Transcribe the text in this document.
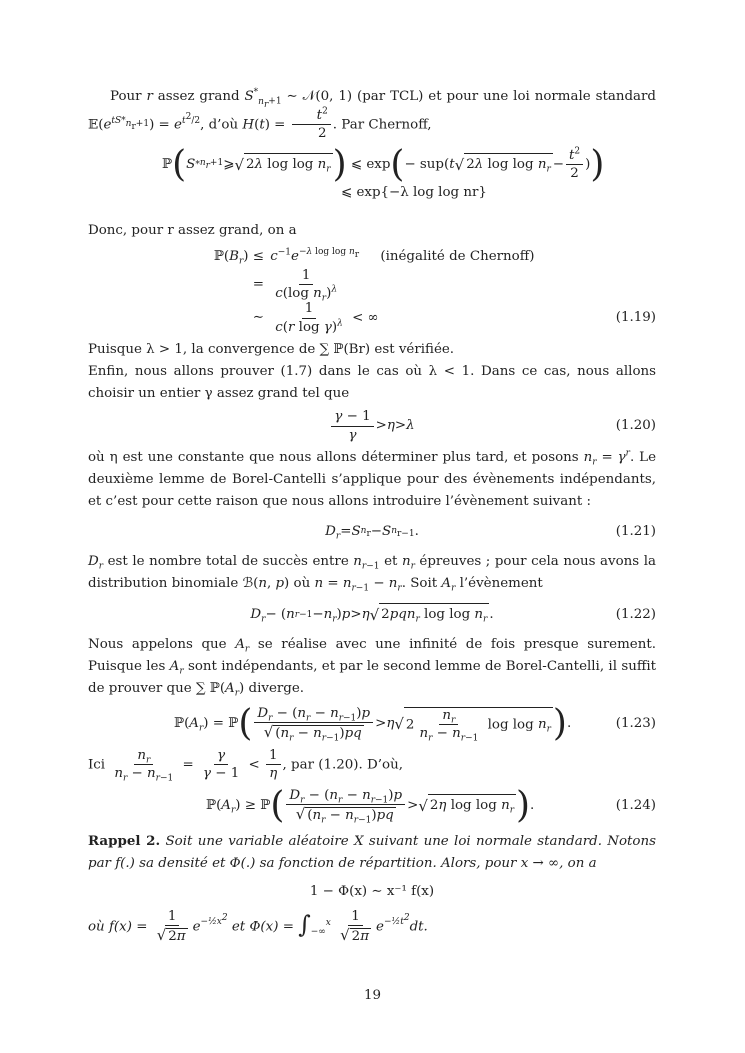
Pour r assez grand $S^*_{n_r+1}$ ∼ 𝒩(0, 1) (par TCL) et pour une loi normale standard $𝔼(e^{tS*_{n_r+1}}) = e^{t^2/2}$, d’où $H(t) = \frac{t^2}{2}$ . Par Chernoff,

ℙ ( $S * n_r+1$ ⩾ √ 2λ $\log \log n_r$ ) ⩽ exp ( − sup( t √ 2λ $\log \log n_r - \frac{t^2}{2}$ ) )
⩽ exp{−λ log log nr}

Donc, pour r assez grand, on a

$ℙ(B_r) \le c^{-1}e^{-\lambda log log n_r}$ (inégalité de Chernoff)
=
$\frac{1}{c(\log n_r)^\lambda}$
∼
$\frac{1}{c(r \log \gamma)^\lambda}$ < ∞	(1.19)

Puisque λ > 1, la convergence de ∑ ℙ(Br) est vérifiée.

Enfin, nous allons prouver (1.7) dans le cas où λ < 1. Dans ce cas, nous allons choisir un entier γ assez grand tel que

$\frac{\gamma - 1}{\gamma} > \eta > \lambda$	(1.20)

où η est une constante que nous allons déterminer plus tard, et posons $n_r = \gamma^r$. Le deuxième lemme de Borel-Cantelli s’applique pour des évènements indépendants, et c’est pour cette raison que nous allons introduire l’évènement suivant :

$D_r = S$ $n_r - S$ $n_{r-1}$ .	(1.21)

$D_r$ est le nombre total de succès entre $n_{r-1}$ et $n_r$ épreuves ; pour cela nous avons la distribution binomiale ℬ(n, p) où $n = n_{r-1} - n_r$. Soit $A_r$ l’évènement

$D_r$ − ( n $r-1 - n_r$ ) p > η √ 2pqn$_r$ $\log \log n_r$ .	(1.22)

Nous appelons que $A_r$ se réalise avec une infinité de fois presque surement. Puisque les $A_r$ sont indépendants, et par le second lemme de Borel-Cantelli, il suffit de prouver que ∑ $ℙ(A_r)$ diverge.

ℙ( $A_r$ ) = ℙ ( $\frac{D_r - (n_r - n_{r-1})p}{√ (n_r - n_{r-1})pq} > \eta$ √ $2 \frac{n_r}{n_r - n_{r-1}}$ $\log \log n_r$ ) .	(1.23)

Ici $\frac{n_r}{n_r - n_{r-1}} = \frac{\gamma}{\gamma - 1} < \frac{1}{\eta}$ , par (1.20). D’où,

ℙ( $A_r$ ) ≥ ℙ ( $\frac{D_r - (n_r - n_{r-1})p}{√ (n_r - n_{r-1})pq}$ > √ 2η $\log \log n_r$ ) .	(1.24)

Rappel 2. Soit une variable aléatoire X suivant une loi normale standard. Notons par f(.) sa densité et Φ(.) sa fonction de répartition. Alors, pour x → ∞, on a

1 − Φ(x) ∼ x⁻¹ f(x)

où $f(x) = \frac{1}{√ 2\pi} e^{-\frac{1}{2}x^2}$ et $\Phi(x) = \int_{-\infty}^x \frac{1}{√ 2\pi} e^{-\frac{1}{2}t^2}dt$.

19
